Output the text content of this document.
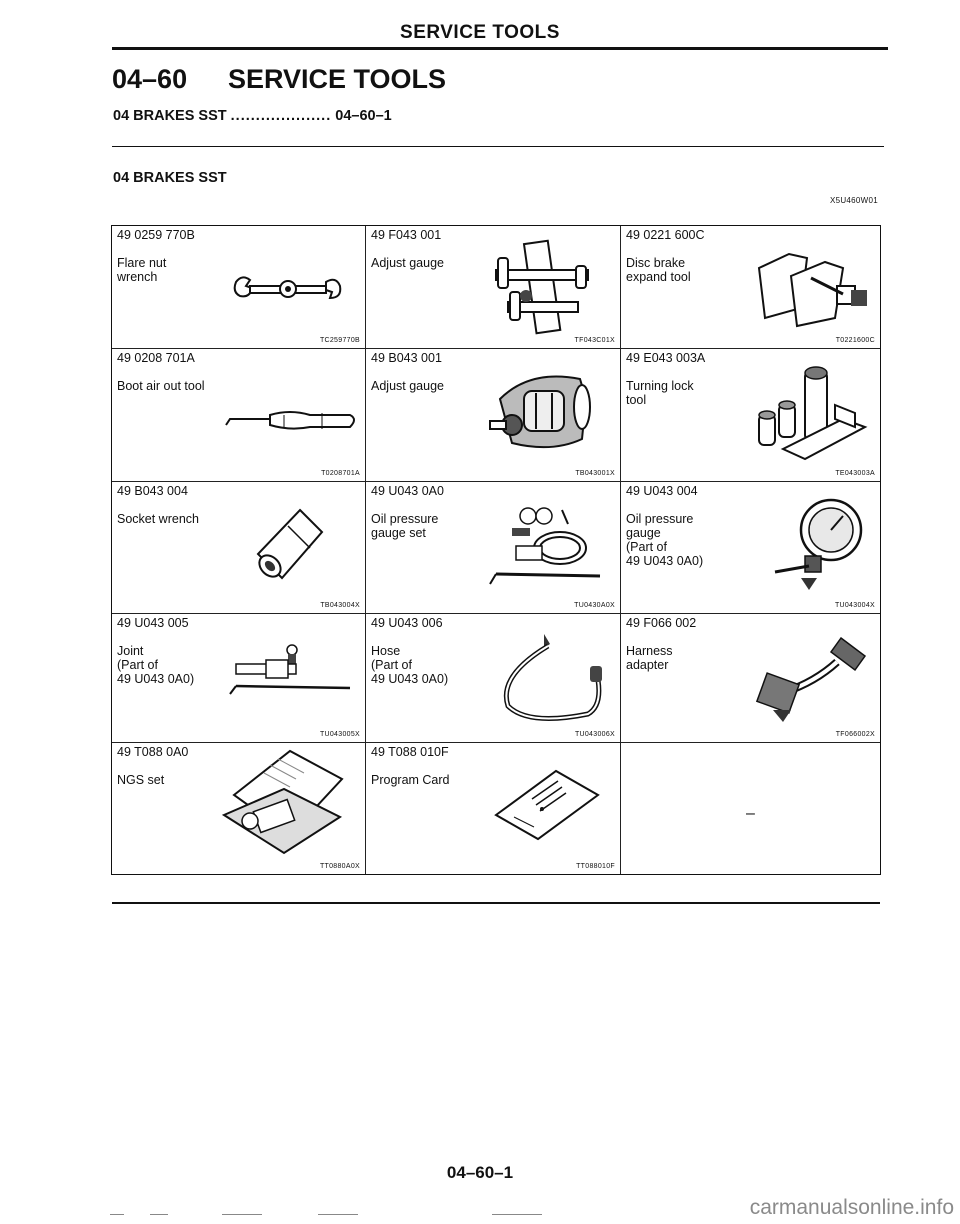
SERVICE TOOLS
04–60 SERVICE TOOLS
04 BRAKES SST .................... 04–60–1
04 BRAKES SST
X5U460W01
49 0259 770B
Flare nut
wrench
TC259770B
49 F043 001
Adjust gauge
TF043C01X
49 0221 600C
Disc brake
expand tool
T0221600C
49 0208 701A
Boot air out tool
T0208701A
49 B043 001
Adjust gauge
TB043001X
49 E043 003A
Turning lock
tool
TE043003A
49 B043 004
Socket wrench
TB043004X
49 U043 0A0
Oil pressure
gauge set
TU0430A0X
49 U043 004
Oil pressure
gauge
(Part of
49 U043 0A0)
TU043004X
49 U043 005
Joint
(Part of
49 U043 0A0)
TU043005X
49 U043 006
Hose
(Part of
49 U043 0A0)
TU043006X
49 F066 002
Harness
adapter
TF066002X
49 T088 0A0
NGS set
TT0880A0X
49 T088 010F
Program Card
TT088010F
–
04–60–1
carmanualsonline.info
